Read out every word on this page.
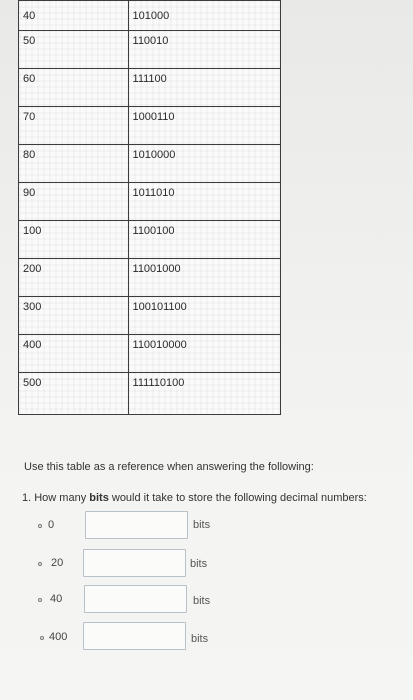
40	101000
50	110010
60	111100
70	1000110
80	1010000
90	1011010
100	1100100
200	11001000
300	100101100
400	110010000
500	111110100

Use this table as a reference when answering the following:

1. How many bits would it take to store the following decimal numbers:

0	bits
20	bits
40	bits
400	bits
